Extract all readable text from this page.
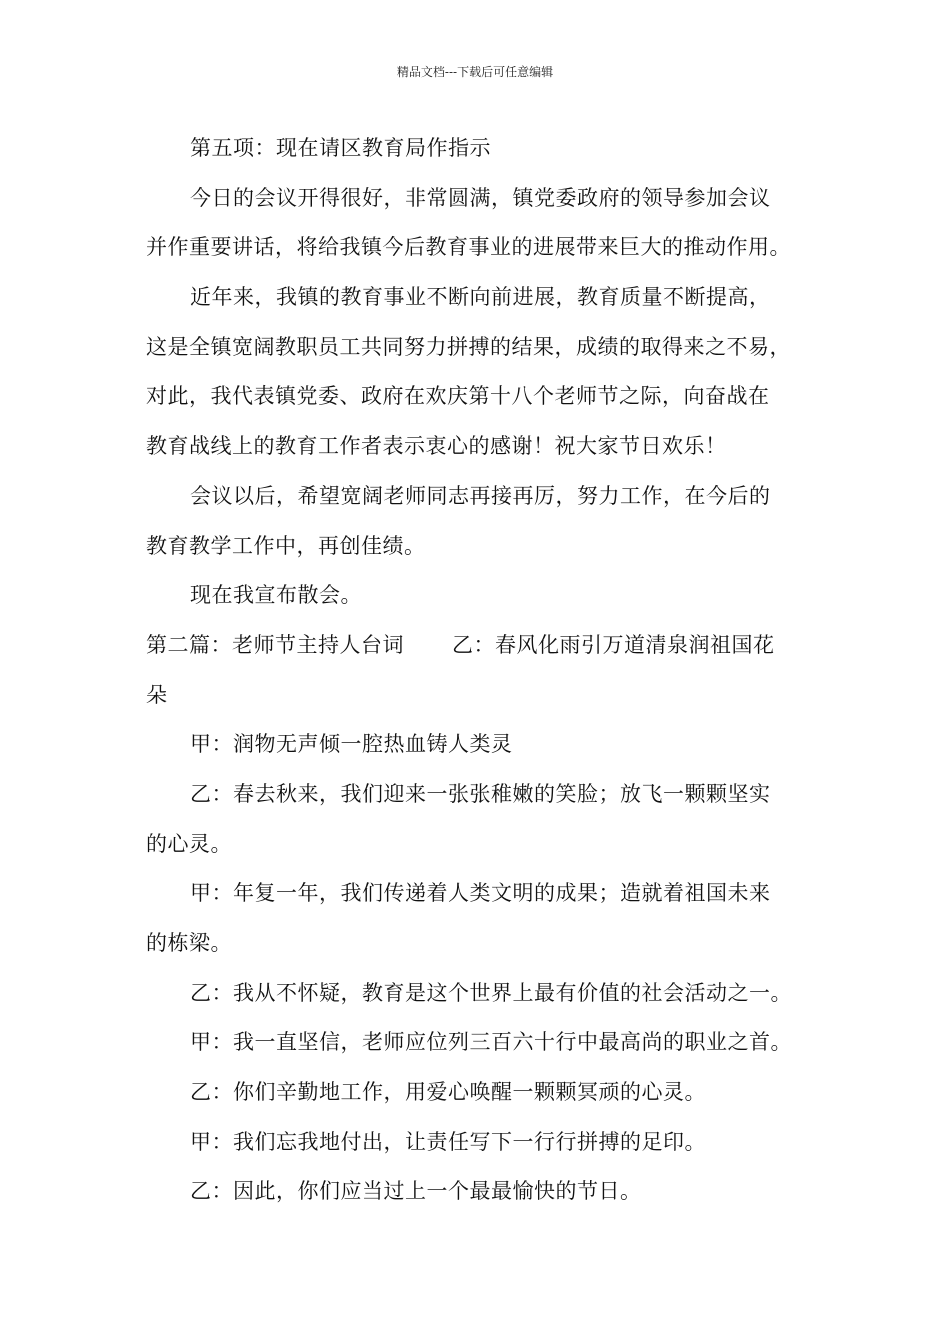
精品文档---下载后可任意编辑
第五项：现在请区教育局作指示
今日的会议开得很好，非常圆满，镇党委政府的领导参加会议
并作重要讲话，将给我镇今后教育事业的进展带来巨大的推动作用。
近年来，我镇的教育事业不断向前进展，教育质量不断提高，
这是全镇宽阔教职员工共同努力拼搏的结果，成绩的取得来之不易，
对此，我代表镇党委、政府在欢庆第十八个老师节之际，向奋战在
教育战线上的教育工作者表示衷心的感谢！祝大家节日欢乐！
会议以后，希望宽阔老师同志再接再厉，努力工作，在今后的
教育教学工作中，再创佳绩。
现在我宣布散会。
第二篇：老师节主持人台词 乙：春风化雨引万道清泉润祖国花
朵
甲：润物无声倾一腔热血铸人类灵
乙：春去秋来，我们迎来一张张稚嫩的笑脸；放飞一颗颗坚实
的心灵。
甲：年复一年，我们传递着人类文明的成果；造就着祖国未来
的栋梁。
乙：我从不怀疑，教育是这个世界上最有价值的社会活动之一。
甲：我一直坚信，老师应位列三百六十行中最高尚的职业之首。
乙：你们辛勤地工作，用爱心唤醒一颗颗冥顽的心灵。
甲：我们忘我地付出，让责任写下一行行拼搏的足印。
乙：因此，你们应当过上一个最最愉快的节日。
